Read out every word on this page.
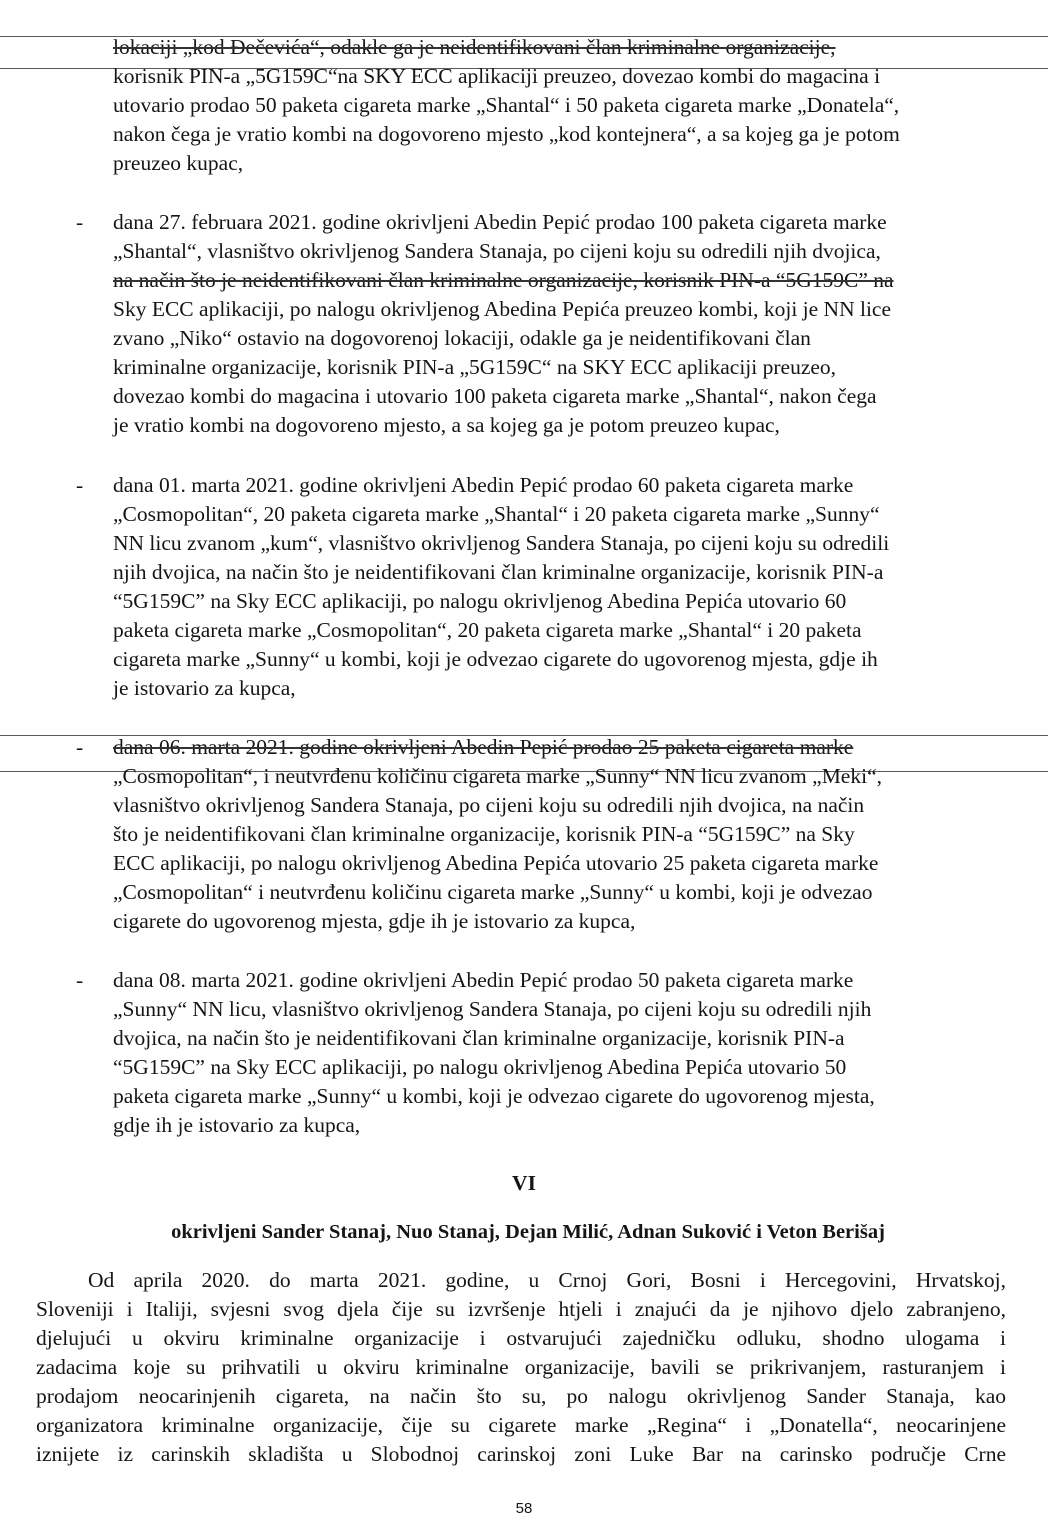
lokaciji „kod Đečevića“, odakle ga je neidentifikovani član kriminalne organizacije,
korisnik PIN-a „5G159C“na SKY ECC aplikaciji preuzeo, dovezao kombi do magacina i
utovario prodao 50 paketa cigareta marke „Shantal“ i 50 paketa cigareta marke „Donatela“,
nakon čega je vratio kombi na dogovoreno mjesto „kod kontejnera“, a sa kojeg ga je potom
preuzeo kupac,
- dana 27. februara 2021. godine okrivljeni Abedin Pepić prodao 100 paketa cigareta marke
„Shantal“, vlasništvo okrivljenog Sandera Stanaja, po cijeni koju su odredili njih dvojica,
na način što je neidentifikovani član kriminalne organizacije, korisnik PIN-a “5G159C” na
Sky ECC aplikaciji, po nalogu okrivljenog Abedina Pepića preuzeo kombi, koji je NN lice
zvano „Niko“ ostavio na dogovorenoj lokaciji, odakle ga je neidentifikovani član
kriminalne organizacije, korisnik PIN-a „5G159C“ na SKY ECC aplikaciji preuzeo,
dovezao kombi do magacina i utovario 100 paketa cigareta marke „Shantal“, nakon čega
je vratio kombi na dogovoreno mjesto, a sa kojeg ga je potom preuzeo kupac,
- dana 01. marta 2021. godine okrivljeni Abedin Pepić prodao 60 paketa cigareta marke
„Cosmopolitan“, 20 paketa cigareta marke „Shantal“ i 20 paketa cigareta marke „Sunny“
NN licu zvanom „kum“, vlasništvo okrivljenog Sandera Stanaja, po cijeni koju su odredili
njih dvojica, na način što je neidentifikovani član kriminalne organizacije, korisnik PIN-a
“5G159C” na Sky ECC aplikaciji, po nalogu okrivljenog Abedina Pepića utovario 60
paketa cigareta marke „Cosmopolitan“, 20 paketa cigareta marke „Shantal“ i 20 paketa
cigareta marke „Sunny“ u kombi, koji je odvezao cigarete do ugovorenog mjesta, gdje ih
je istovario za kupca,
- dana 06. marta 2021. godine okrivljeni Abedin Pepić prodao 25 paketa cigareta marke
„Cosmopolitan“, i neutvrđenu količinu cigareta marke „Sunny“ NN licu zvanom „Meki“,
vlasništvo okrivljenog Sandera Stanaja, po cijeni koju su odredili njih dvojica, na način
što je neidentifikovani član kriminalne organizacije, korisnik PIN-a “5G159C” na Sky
ECC aplikaciji, po nalogu okrivljenog Abedina Pepića utovario 25 paketa cigareta marke
„Cosmopolitan“ i neutvrđenu količinu cigareta marke „Sunny“ u kombi, koji je odvezao
cigarete do ugovorenog mjesta, gdje ih je istovario za kupca,
- dana 08. marta 2021. godine okrivljeni Abedin Pepić prodao 50 paketa cigareta marke
„Sunny“ NN licu, vlasništvo okrivljenog Sandera Stanaja, po cijeni koju su odredili njih
dvojica, na način što je neidentifikovani član kriminalne organizacije, korisnik PIN-a
“5G159C” na Sky ECC aplikaciji, po nalogu okrivljenog Abedina Pepića utovario 50
paketa cigareta marke „Sunny“ u kombi, koji je odvezao cigarete do ugovorenog mjesta,
gdje ih je istovario za kupca,
VI
okrivljeni Sander Stanaj, Nuo Stanaj, Dejan Milić, Adnan Suković i Veton Berišaj
Od aprila 2020. do marta 2021. godine, u Crnoj Gori, Bosni i Hercegovini, Hrvatskoj,
Sloveniji i Italiji, svjesni svog djela čije su izvršenje htjeli i znajući da je njihovo djelo zabranjeno,
djelujući u okviru kriminalne organizacije i ostvarujući zajedničku odluku, shodno ulogama i
zadacima koje su prihvatili u okviru kriminalne organizacije, bavili se prikrivanjem, rasturanjem i
prodajom neocarinjenih cigareta, na način što su, po nalogu okrivljenog Sander Stanaja, kao
organizatora kriminalne organizacije, čije su cigarete marke „Regina“ i „Donatella“, neocarinjene
iznijete iz carinskih skladišta u Slobodnoj carinskoj zoni Luke Bar na carinsko područje Crne
58
